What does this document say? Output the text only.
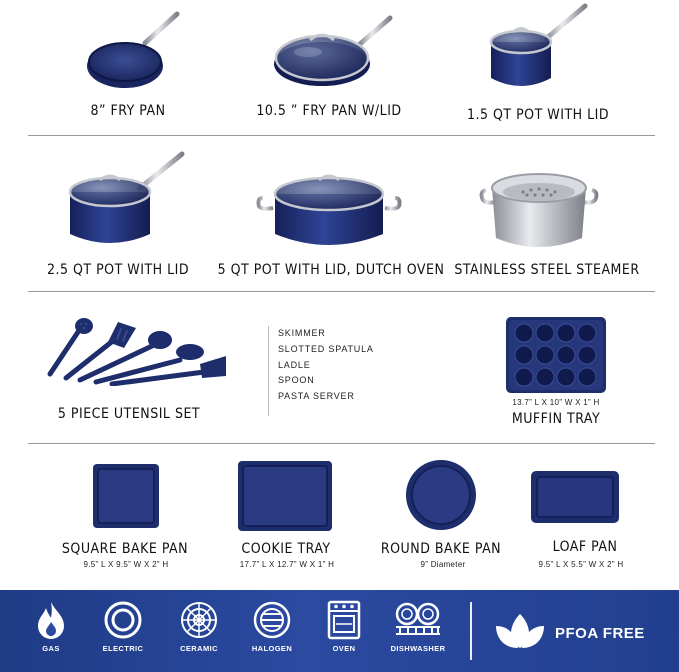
8” FRY PAN	10.5 ” FRY PAN W/LID	1.5 QT POT WITH LID
2.5 QT POT WITH LID 5 QT POT WITH LID, DUTCH OVEN STAINLESS STEEL STEAMER
5 PIECE UTENSIL SET
SKIMMER
SLOTTED SPATULA
LADLE
SPOON
PASTA SERVER
13.7” L X 10” W X 1” H
MUFFIN TRAY
SQUARE BAKE PAN
9.5” L X 9.5” W X 2” H
COOKIE TRAY
17.7” L X 12.7” W X 1” H
ROUND BAKE PAN
9” Diameter
LOAF PAN
9.5” L X 5.5” W X 2” H
GAS	ELECTRIC	CERAMIC	HALOGEN	OVEN	DISHWASHER
PFOA FREE
